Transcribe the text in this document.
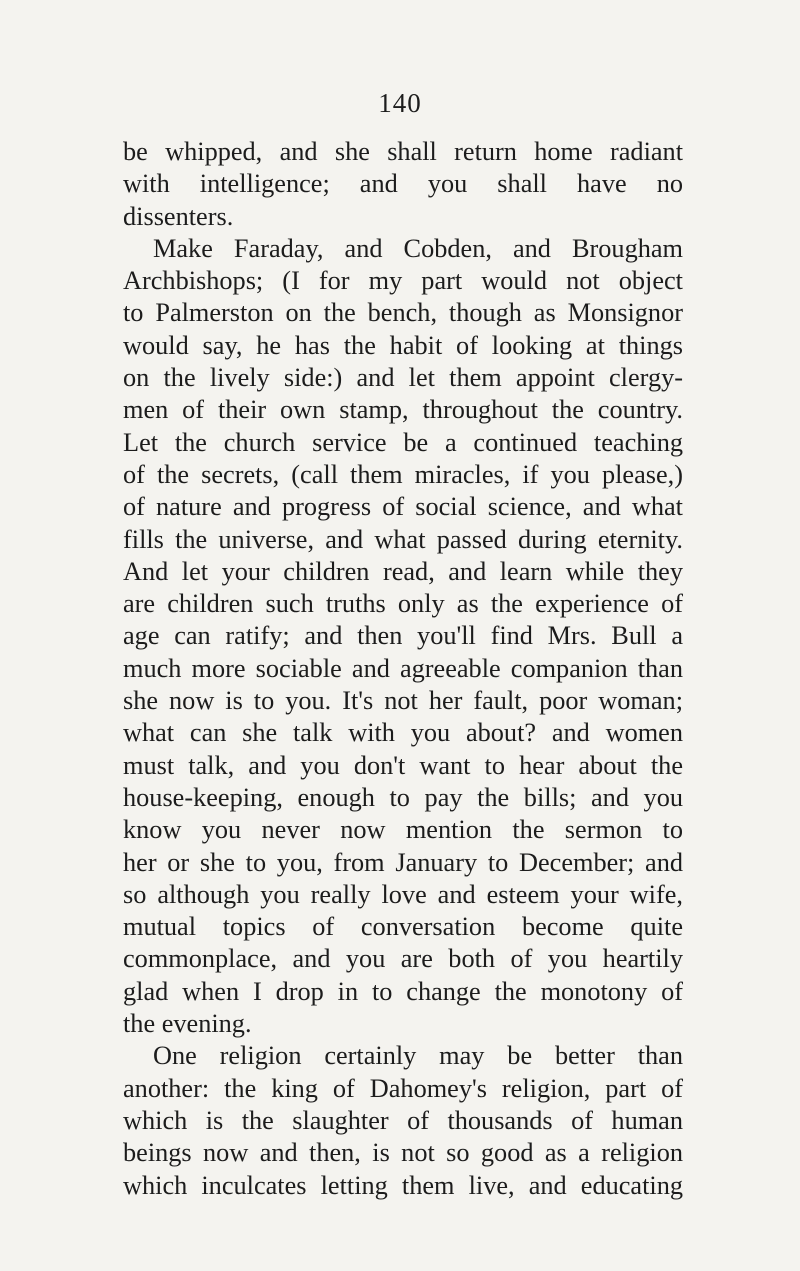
140
be whipped, and she shall return home radiant
with intelligence; and you shall have no
dissenters.
Make Faraday, and Cobden, and Brougham
Archbishops; (I for my part would not object
to Palmerston on the bench, though as Monsignor
would say, he has the habit of looking at things
on the lively side:) and let them appoint clergy-
men of their own stamp, throughout the country.
Let the church service be a continued teaching
of the secrets, (call them miracles, if you please,)
of nature and progress of social science, and what
fills the universe, and what passed during eternity.
And let your children read, and learn while they
are children such truths only as the experience of
age can ratify; and then you'll find Mrs. Bull a
much more sociable and agreeable companion than
she now is to you. It's not her fault, poor woman;
what can she talk with you about? and women
must talk, and you don't want to hear about the
house-keeping, enough to pay the bills; and you
know you never now mention the sermon to
her or she to you, from January to December; and
so although you really love and esteem your wife,
mutual topics of conversation become quite
commonplace, and you are both of you heartily
glad when I drop in to change the monotony of
the evening.
One religion certainly may be better than
another: the king of Dahomey's religion, part of
which is the slaughter of thousands of human
beings now and then, is not so good as a religion
which inculcates letting them live, and educating
